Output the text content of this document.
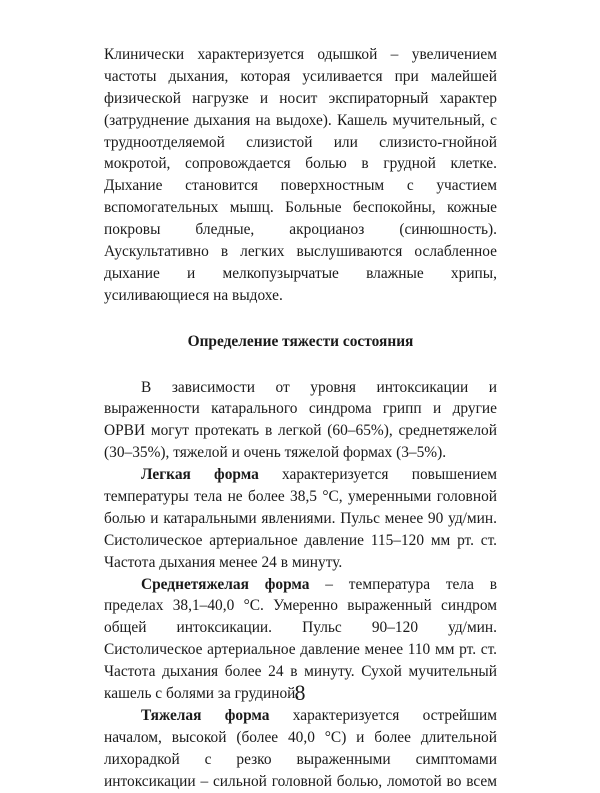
Клинически характеризуется одышкой – увеличением
частоты дыхания, которая усиливается при малейшей
физической нагрузке и носит экспираторный характер
(затруднение дыхания на выдохе). Кашель мучительный, с
трудноотделяемой слизистой или слизисто-гнойной
мокротой, сопровождается болью в грудной клетке.
Дыхание становится поверхностным с участием
вспомогательных мышц. Больные беспокойны, кожные
покровы бледные, акроцианоз (синюшность).
Аускультативно в легких выслушиваются ослабленное
дыхание и мелкопузырчатые влажные хрипы,
усиливающиеся на выдохе.
Определение тяжести состояния
В зависимости от уровня интоксикации и
выраженности катарального синдрома грипп и другие
ОРВИ могут протекать в легкой (60–65%), среднетяжелой
(30–35%), тяжелой и очень тяжелой формах (3–5%).
Легкая форма характеризуется повышением
температуры тела не более 38,5 °С, умеренными головной
болью и катаральными явлениями. Пульс менее 90 уд/мин.
Систолическое артериальное давление 115–120 мм рт. ст.
Частота дыхания менее 24 в минуту.
Среднетяжелая форма – температура тела в
пределах 38,1–40,0 °С. Умеренно выраженный синдром
общей интоксикации. Пульс 90–120 уд/мин.
Систолическое артериальное давление менее 110 мм рт. ст.
Частота дыхания более 24 в минуту. Сухой мучительный
кашель с болями за грудиной.
Тяжелая форма характеризуется острейшим
началом, высокой (более 40,0 °С) и более длительной
лихорадкой с резко выраженными симптомами
интоксикации – сильной головной болью, ломотой во всем
8
